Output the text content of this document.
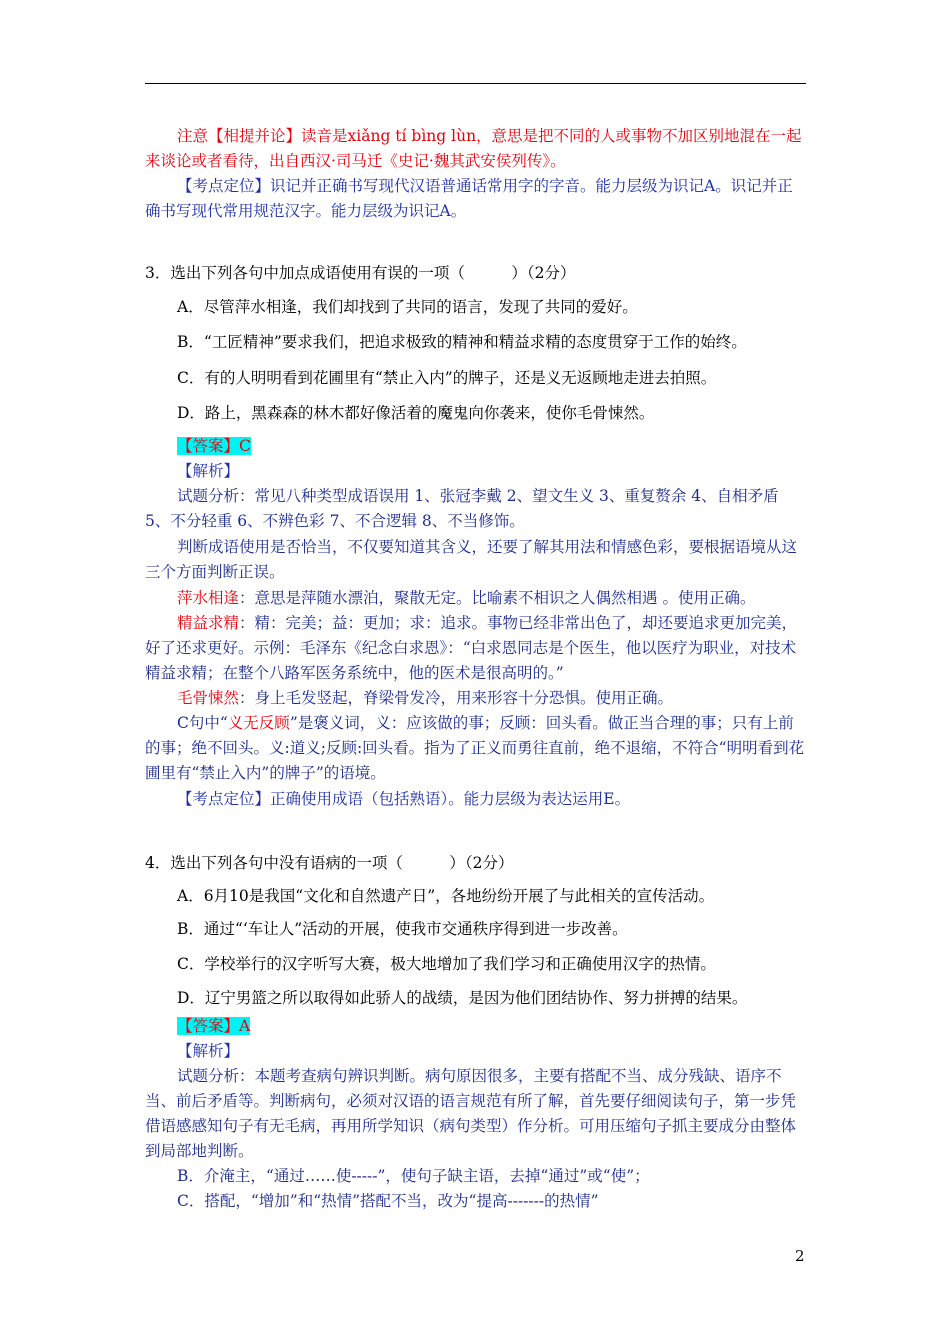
注意【相提并论】读音是xiǎng tí bìng lùn，意思是把不同的人或事物不加区别地混在一起来谈论或者看待，出自西汉·司马迁《史记·魏其武安侯列传》。

【考点定位】识记并正确书写现代汉语普通话常用字的字音。能力层级为识记A。识记并正确书写现代常用规范汉字。能力层级为识记A。

3．选出下列各句中加点成语使用有误的一项（　　　）（2分）

A．尽管萍水相逢，我们却找到了共同的语言，发现了共同的爱好。

B．“工匠精神”要求我们，把追求极致的精神和精益求精的态度贯穿于工作的始终。

C．有的人明明看到花圃里有“禁止入内”的牌子，还是义无返顾地走进去拍照。

D．路上，黑森森的林木都好像活着的魔鬼向你袭来，使你毛骨悚然。

【答案】C

【解析】

试题分析：常见八种类型成语误用 1、张冠李戴 2、望文生义 3、重复赘余 4、自相矛盾 5、不分轻重 6、不辨色彩 7、不合逻辑 8、不当修饰。

判断成语使用是否恰当，不仅要知道其含义，还要了解其用法和情感色彩，要根据语境从这三个方面判断正误。

萍水相逢：意思是萍随水漂泊，聚散无定。比喻素不相识之人偶然相遇 。使用正确。

精益求精：精：完美；益：更加；求：追求。事物已经非常出色了，却还要追求更加完美，好了还求更好。示例：毛泽东《纪念白求恩》：“白求恩同志是个医生，他以医疗为职业，对技术精益求精；在整个八路军医务系统中，他的医术是很高明的。”

毛骨悚然：身上毛发竖起，脊梁骨发冷，用来形容十分恐惧。使用正确。

C句中“义无反顾”是褒义词，义：应该做的事；反顾：回头看。做正当合理的事；只有上前的事；绝不回头。义:道义;反顾:回头看。指为了正义而勇往直前，绝不退缩，不符合“明明看到花圃里有“禁止入内”的牌子”的语境。

【考点定位】正确使用成语（包括熟语）。能力层级为表达运用E。

4．选出下列各句中没有语病的一项（　　　）（2分）

A．6月10是我国“文化和自然遗产日”，各地纷纷开展了与此相关的宣传活动。

B．通过“‘车让人”活动的开展，使我市交通秩序得到进一步改善。

C．学校举行的汉字听写大赛，极大地增加了我们学习和正确使用汉字的热情。

D．辽宁男篮之所以取得如此骄人的战绩，是因为他们团结协作、努力拼搏的结果。

【答案】A

【解析】

试题分析：本题考查病句辨识判断。病句原因很多，主要有搭配不当、成分残缺、语序不当、前后矛盾等。判断病句，必须对汉语的语言规范有所了解，首先要仔细阅读句子，第一步凭借语感感知句子有无毛病，再用所学知识（病句类型）作分析。可用压缩句子抓主要成分由整体到局部地判断。

B．介淹主，“通过……使-----”，使句子缺主语，去掉“通过”或“使”；

C．搭配，“增加”和“热情”搭配不当，改为“提高-------的热情”

2
